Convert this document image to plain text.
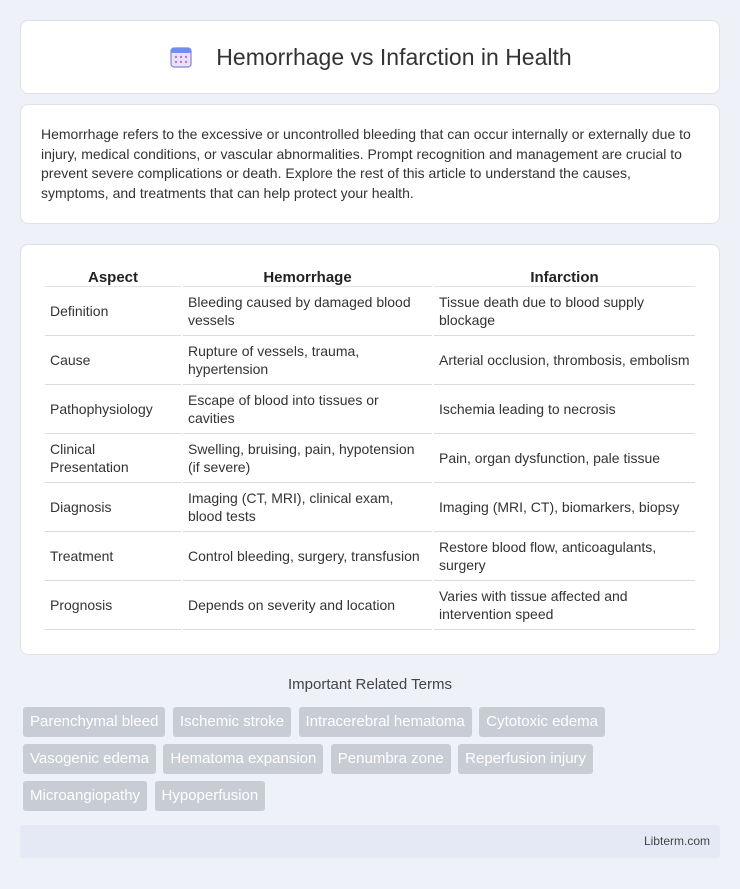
Hemorrhage vs Infarction in Health

Hemorrhage refers to the excessive or uncontrolled bleeding that can occur internally or externally due to injury, medical conditions, or vascular abnormalities. Prompt recognition and management are crucial to prevent severe complications or death. Explore the rest of this article to understand the causes, symptoms, and treatments that can help protect your health.

Aspect	Hemorrhage	Infarction
Definition	Bleeding caused by damaged blood vessels	Tissue death due to blood supply blockage
Cause	Rupture of vessels, trauma, hypertension	Arterial occlusion, thrombosis, embolism
Pathophysiology	Escape of blood into tissues or cavities	Ischemia leading to necrosis
Clinical Presentation	Swelling, bruising, pain, hypotension (if severe)	Pain, organ dysfunction, pale tissue
Diagnosis	Imaging (CT, MRI), clinical exam, blood tests	Imaging (MRI, CT), biomarkers, biopsy
Treatment	Control bleeding, surgery, transfusion	Restore blood flow, anticoagulants, surgery
Prognosis	Depends on severity and location	Varies with tissue affected and intervention speed
Important Related Terms
Parenchymal bleed Ischemic stroke Intracerebral hematoma Cytotoxic edema Vasogenic edema Hematoma expansion Penumbra zone Reperfusion injury Microangiopathy Hypoperfusion
Libterm.com
